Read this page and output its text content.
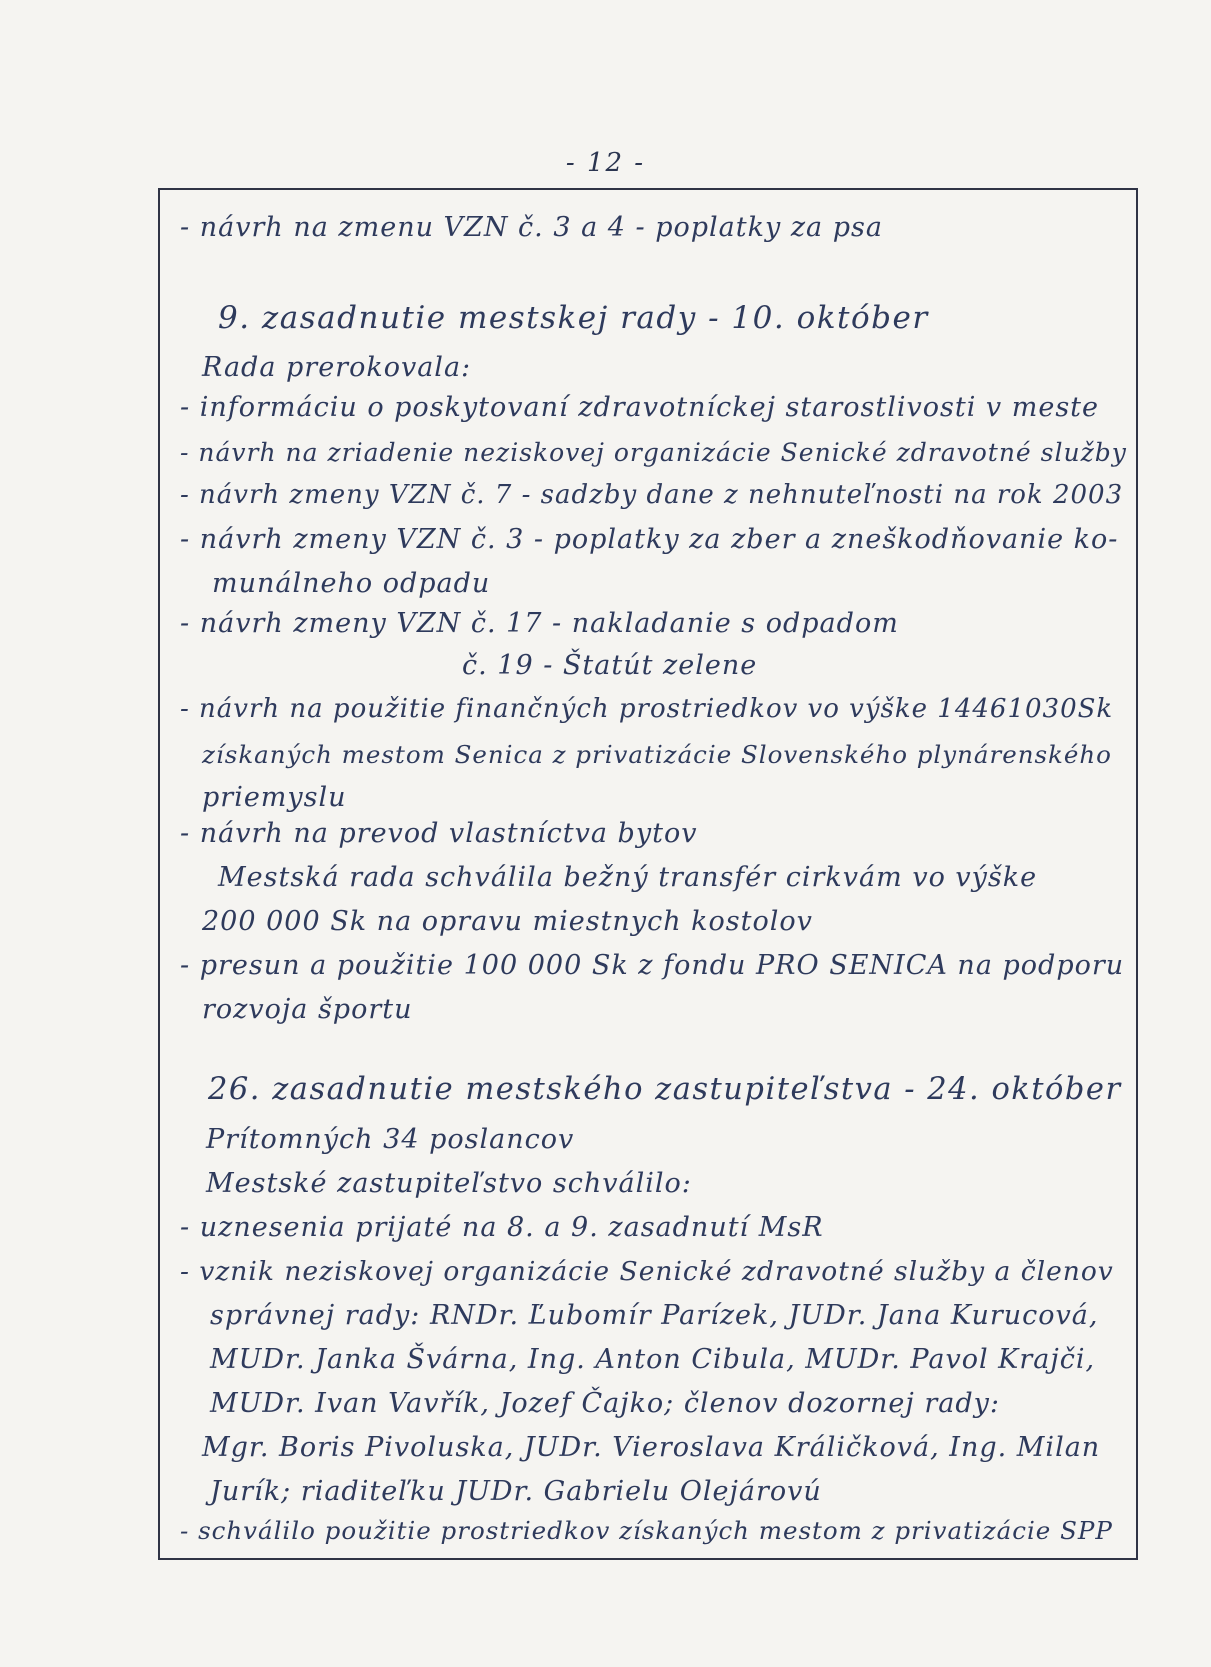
- 12 -
- návrh na zmenu VZN č. 3 a 4 - poplatky za psa
9. zasadnutie mestskej rady - 10. október
Rada prerokovala:
- informáciu o poskytovaní zdravotníckej starostlivosti v meste
- návrh na zriadenie neziskovej organizácie Senické zdravotné služby
- návrh zmeny VZN č. 7 - sadzby dane z nehnuteľnosti na rok 2003
- návrh zmeny VZN č. 3 - poplatky za zber a zneškodňovanie ko-
munálneho odpadu
- návrh zmeny VZN č. 17 - nakladanie s odpadom
č. 19 - Štatút zelene
- návrh na použitie finančných prostriedkov vo výške 14461030Sk
získaných mestom Senica z privatizácie Slovenského plynárenského
priemyslu
- návrh na prevod vlastníctva bytov
Mestská rada schválila bežný transfér cirkvám vo výške
200 000 Sk na opravu miestnych kostolov
- presun a použitie 100 000 Sk z fondu PRO SENICA na podporu
rozvoja športu
26. zasadnutie mestského zastupiteľstva - 24. október
Prítomných 34 poslancov
Mestské zastupiteľstvo schválilo:
- uznesenia prijaté na 8. a 9. zasadnutí MsR
- vznik neziskovej organizácie Senické zdravotné služby a členov
správnej rady: RNDr. Ľubomír Parízek, JUDr. Jana Kurucová,
MUDr. Janka Švárna, Ing. Anton Cibula, MUDr. Pavol Krajči,
MUDr. Ivan Vavřík, Jozef Čajko; členov dozornej rady:
Mgr. Boris Pivoluska, JUDr. Vieroslava Králičková, Ing. Milan
Jurík; riaditeľku JUDr. Gabrielu Olejárovú
- schválilo použitie prostriedkov získaných mestom z privatizácie SPP
